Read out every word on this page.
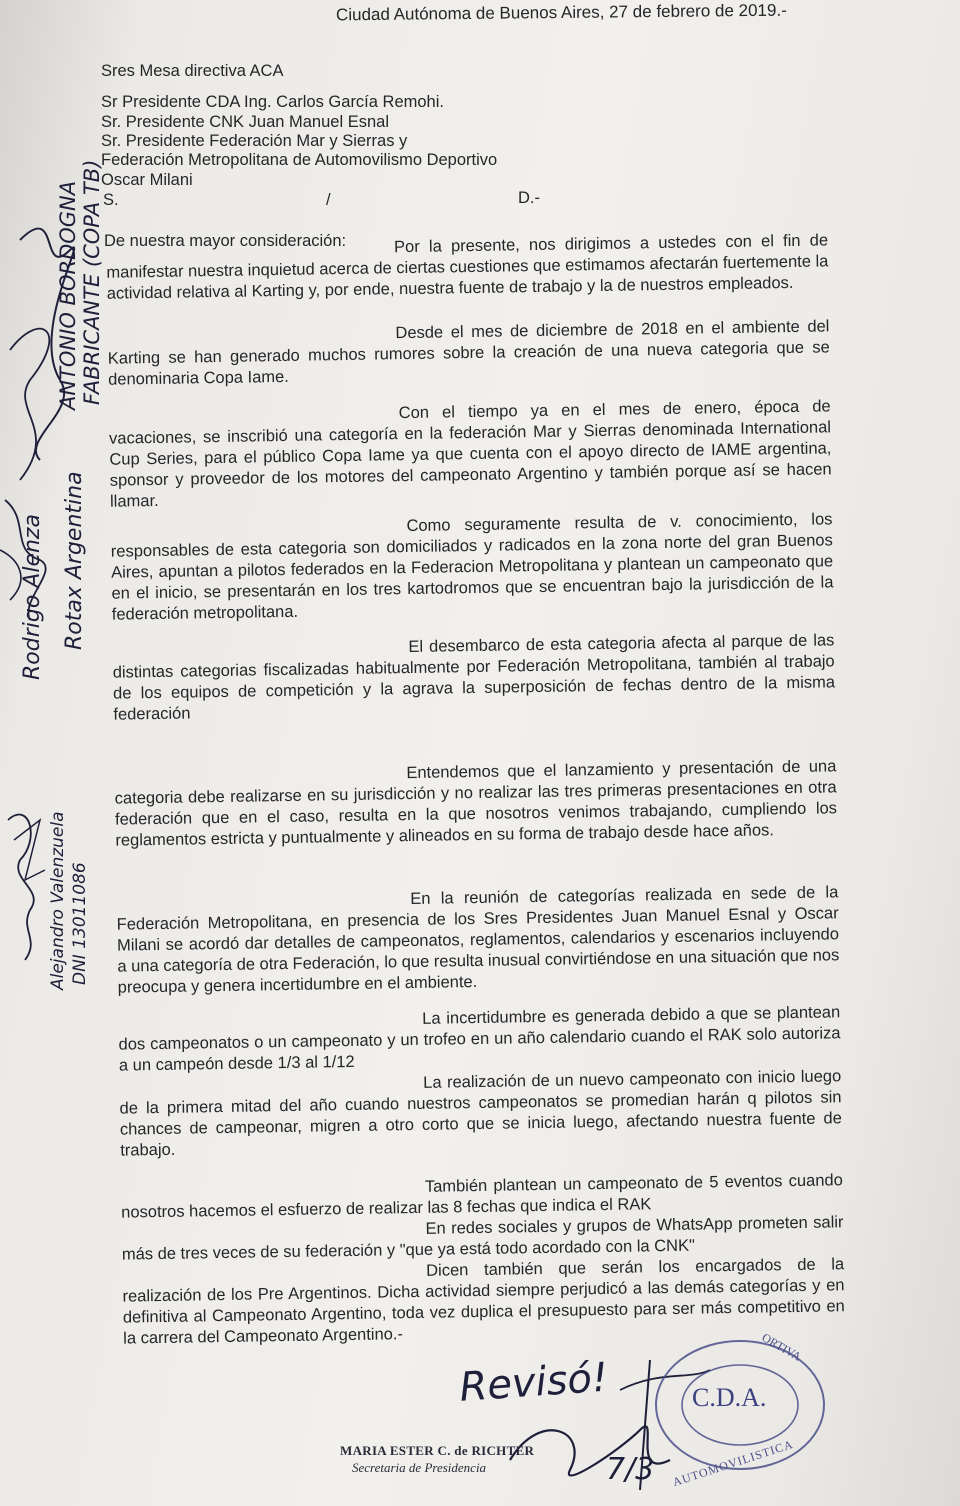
Ciudad Autónoma de Buenos Aires, 27 de febrero de 2019.-
Sres Mesa directiva ACA
Sr Presidente CDA Ing. Carlos García Remohi.
Sr. Presidente CNK Juan Manuel Esnal
Sr. Presidente Federación Mar y Sierras y
Federación Metropolitana de Automovilismo Deportivo
Oscar Milani
S.	/	D.-
De nuestra mayor consideración:	Por la presente, nos dirigimos a ustedes con el fin de manifestar nuestra inquietud acerca de ciertas cuestiones que estimamos afectarán fuertemente la actividad relativa al Karting y, por ende, nuestra fuente de trabajo y la de nuestros empleados.

Desde el mes de diciembre de 2018 en el ambiente del Karting se han generado muchos rumores sobre la creación de una nueva categoria que se denominaria Copa Iame.

Con el tiempo ya en el mes de enero, época de vacaciones, se inscribió una categoría en la federación Mar y Sierras denominada International Cup Series, para el público Copa Iame ya que cuenta con el apoyo directo de IAME argentina, sponsor y proveedor de los motores del campeonato Argentino y también porque así se hacen llamar.

Como seguramente resulta de v. conocimiento, los responsables de esta categoria son domiciliados y radicados en la zona norte del gran Buenos Aires, apuntan a pilotos federados en la Federacion Metropolitana y plantean un campeonato que en el inicio, se presentarán en los tres kartodromos que se encuentran bajo la jurisdicción de la federación metropolitana.

El desembarco de esta categoria afecta al parque de las distintas categorias fiscalizadas habitualmente por Federación Metropolitana, también al trabajo de los equipos de competición y la agrava la superposición de fechas dentro de la misma federación

Entendemos que el lanzamiento y presentación de una categoria debe realizarse en su jurisdicción y no realizar las tres primeras presentaciones en otra federación que en el caso, resulta en la que nosotros venimos trabajando, cumpliendo los reglamentos estricta y puntualmente y alineados en su forma de trabajo desde hace años.

En la reunión de categorías realizada en sede de la Federación Metropolitana, en presencia de los Sres Presidentes Juan Manuel Esnal y Oscar Milani se acordó dar detalles de campeonatos, reglamentos, calendarios y escenarios incluyendo a una categoría de otra Federación, lo que resulta inusual convirtiéndose en una situación que nos preocupa y genera incertidumbre en el ambiente.

La incertidumbre es generada debido a que se plantean dos campeonatos o un campeonato y un trofeo en un año calendario cuando el RAK solo autoriza a un campeón desde 1/3 al 1/12

La realización de un nuevo campeonato con inicio luego de la primera mitad del año cuando nuestros campeonatos se promedian harán q pilotos sin chances de campeonar, migren a otro corto que se inicia luego, afectando nuestra fuente de trabajo.

También plantean un campeonato de 5 eventos cuando nosotros hacemos el esfuerzo de realizar las 8 fechas que indica el RAK

En redes sociales y grupos de WhatsApp prometen salir más de tres veces de su federación y "que ya está todo acordado con la CNK"

Dicen también que serán los encargados de la realización de los Pre Argentinos. Dicha actividad siempre perjudicó a las demás categorías y en definitiva al Campeonato Argentino, toda vez duplica el presupuesto para ser más competitivo en la carrera del Campeonato Argentino.-

ANTONIO BORDOGNA FABRICANTE (COPA TB)
Rodrigo Alenza Rotax Argentina
Alejandro Valenzuela DNI 13011086
Revisó!
MARIA ESTER C. de RICHTER
Secretaria de Presidencia	7/3
C.D.A.
ORTIVA
AUTOMOVILISTICA
